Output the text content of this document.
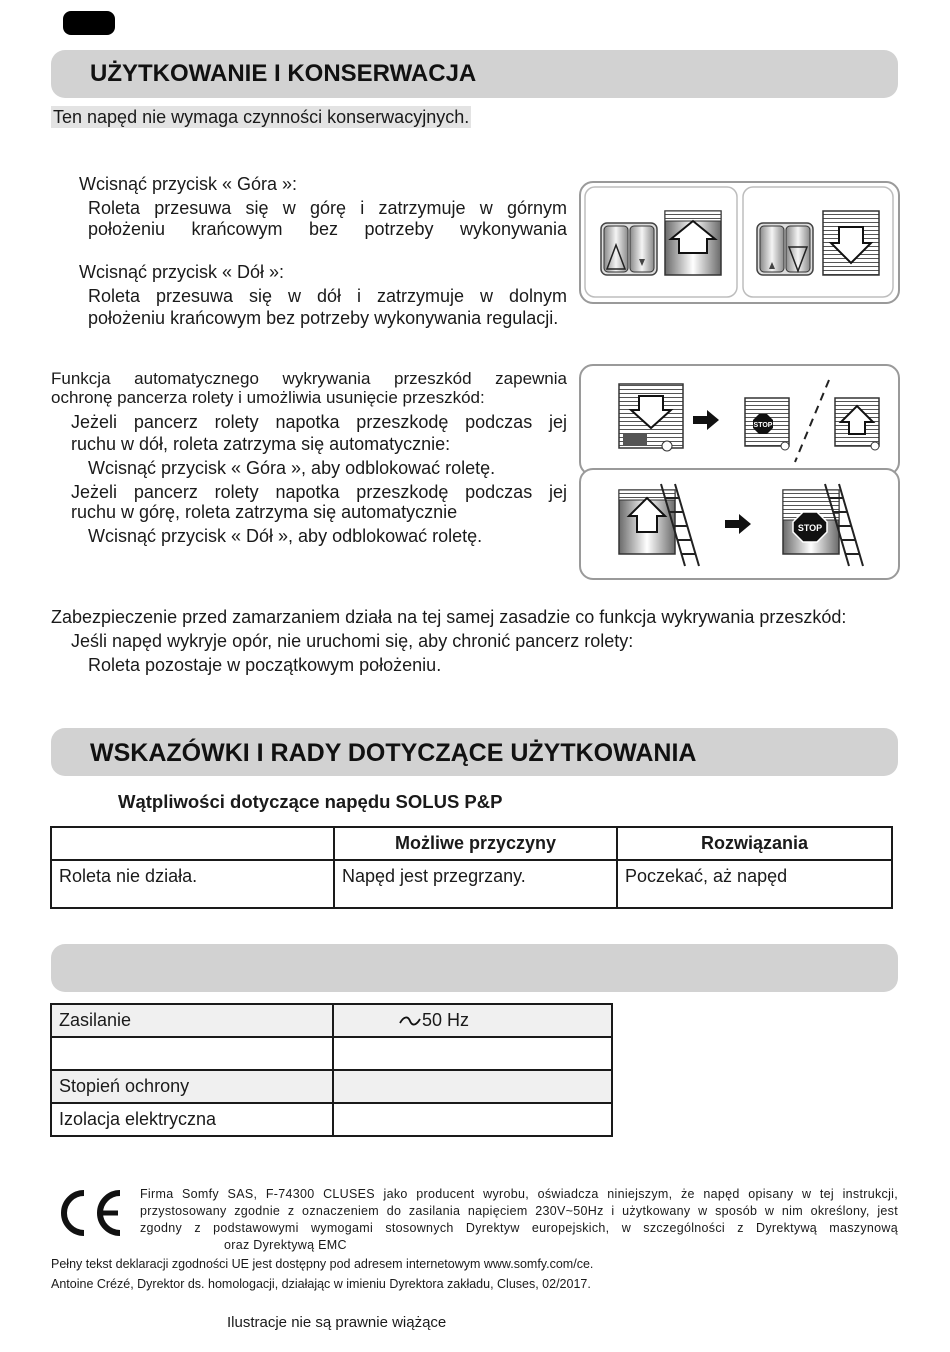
UŻYTKOWANIE I KONSERWACJA
Ten napęd nie wymaga czynności konserwacyjnych.
Wcisnąć przycisk « Góra »:
Roleta przesuwa się w górę i zatrzymuje w górnym
położeniu krańcowym bez potrzeby wykonywania
Wcisnąć przycisk « Dół »:
Roleta przesuwa się w dół i zatrzymuje w dolnym
położeniu krańcowym bez potrzeby wykonywania regulacji.
Funkcja automatycznego wykrywania przeszkód zapewnia
ochronę pancerza rolety i umożliwia usunięcie przeszkód:
Jeżeli pancerz rolety napotka przeszkodę podczas jej
ruchu w dół, roleta zatrzyma się automatycznie:
Wcisnąć przycisk « Góra », aby odblokować roletę.
Jeżeli pancerz rolety napotka przeszkodę podczas jej
ruchu w górę, roleta zatrzyma się automatycznie
Wcisnąć przycisk « Dół », aby odblokować roletę.
STOP
STOP
Zabezpieczenie przed zamarzaniem działa na tej samej zasadzie co funkcja wykrywania przeszkód:
Jeśli napęd wykryje opór, nie uruchomi się, aby chronić pancerz rolety:
Roleta pozostaje w początkowym położeniu.
WSKAZÓWKI I RADY DOTYCZĄCE UŻYTKOWANIA
Wątpliwości dotyczące napędu SOLUS P&P
	Możliwe przyczyny	Rozwiązania
Roleta nie działa.	Napęd jest przegrzany.	Poczekać, aż napęd
Zasilanie	50 Hz

Stopień ochrony	
Izolacja elektryczna	
Firma Somfy SAS, F-74300 CLUSES jako producent wyrobu, oświadcza niniejszym, że napęd opisany w tej instrukcji,
przystosowany zgodnie z oznaczeniem do zasilania napięciem 230V~50Hz i użytkowany w sposób w nim określony, jest
zgodny z podstawowymi wymogami stosownych Dyrektyw europejskich, w szczególności z Dyrektywą maszynową
oraz Dyrektywą EMC
Pełny tekst deklaracji zgodności UE jest dostępny pod adresem internetowym www.somfy.com/ce.
Antoine Crézé, Dyrektor ds. homologacji, działając w imieniu Dyrektora zakładu, Cluses, 02/2017.
Ilustracje nie są prawnie wiążące
